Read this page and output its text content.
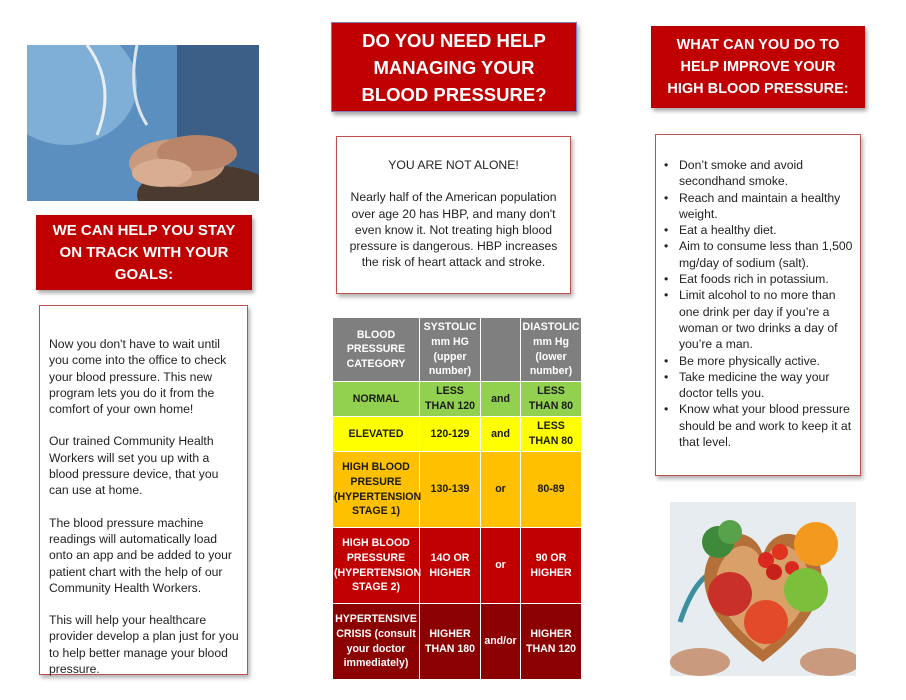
WE CAN HELP YOU STAY
ON TRACK WITH YOUR
GOALS:

Now you don't have to wait until you come into the office to check your blood pressure. This new program lets you do it from the comfort of your own home!

Our trained Community Health Workers will set you up with a blood pressure device, that you can use at home.

The blood pressure machine readings will automatically load onto an app and be added to your patient chart with the help of our Community Health Workers.

This will help your healthcare provider develop a plan just for you to help better manage your blood pressure.

DO YOU NEED HELP
MANAGING YOUR
BLOOD PRESSURE?
YOU ARE NOT ALONE!
Nearly half of the American population over age 20 has HBP, and many don't even know it. Not treating high blood pressure is dangerous. HBP increases the risk of heart attack and stroke.
BLOOD PRESSURE CATEGORY	SYSTOLIC mm HG (upper number)		DIASTOLIC mm Hg (lower number)
NORMAL	LESS THAN 120	and	LESS THAN 80
ELEVATED	120-129	and	LESS THAN 80
HIGH BLOOD PRESURE (HYPERTENSION STAGE 1)	130-139	or	80-89
HIGH BLOOD PRESSURE (HYPERTENSION STAGE 2)	14O OR HIGHER	or	90 OR HIGHER
HYPERTENSIVE CRISIS (consult your doctor immediately)	HIGHER THAN 180	and/or	HIGHER THAN 120
WHAT CAN YOU DO TO
HELP IMPROVE YOUR
HIGH BLOOD PRESSURE:
• Don’t smoke and avoid secondhand smoke.
• Reach and maintain a healthy weight.
• Eat a healthy diet.
• Aim to consume less than 1,500 mg/day of sodium (salt).
• Eat foods rich in potassium.
• Limit alcohol to no more than one drink per day if you’re a woman or two drinks a day of you’re a man.
• Be more physically active.
• Take medicine the way your doctor tells you.
• Know what your blood pressure should be and work to keep it at that level.
